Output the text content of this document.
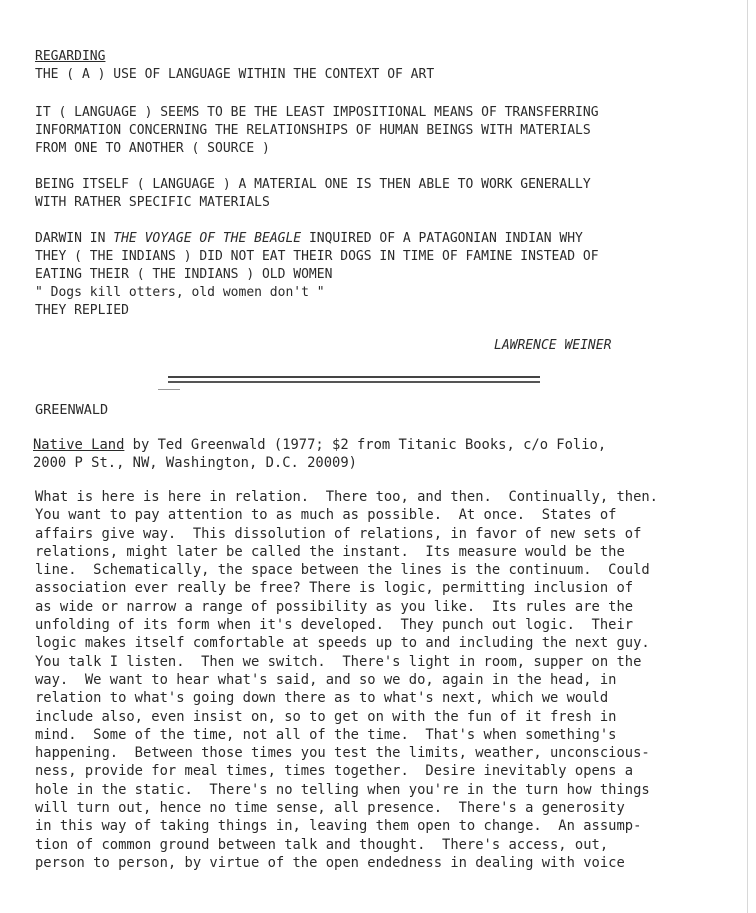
REGARDING
THE ( A ) USE OF LANGUAGE WITHIN THE CONTEXT OF ART
IT ( LANGUAGE ) SEEMS TO BE THE LEAST IMPOSITIONAL MEANS OF TRANSFERRING
INFORMATION CONCERNING THE RELATIONSHIPS OF HUMAN BEINGS WITH MATERIALS
FROM ONE TO ANOTHER ( SOURCE )
BEING ITSELF ( LANGUAGE ) A MATERIAL ONE IS THEN ABLE TO WORK GENERALLY
WITH RATHER SPECIFIC MATERIALS
DARWIN IN THE VOYAGE OF THE BEAGLE INQUIRED OF A PATAGONIAN INDIAN WHY
THEY ( THE INDIANS ) DID NOT EAT THEIR DOGS IN TIME OF FAMINE INSTEAD OF
EATING THEIR ( THE INDIANS ) OLD WOMEN
" Dogs kill otters, old women don't "
THEY REPLIED
LAWRENCE WEINER
GREENWALD
Native Land by Ted Greenwald (1977; $2 from Titanic Books, c/o Folio,
2000 P St., NW, Washington, D.C. 20009)
What is here is here in relation.  There too, and then.  Continually, then.
You want to pay attention to as much as possible.  At once.  States of
affairs give way.  This dissolution of relations, in favor of new sets of
relations, might later be called the instant.  Its measure would be the
line.  Schematically, the space between the lines is the continuum.  Could
association ever really be free? There is logic, permitting inclusion of
as wide or narrow a range of possibility as you like.  Its rules are the
unfolding of its form when it's developed.  They punch out logic.  Their
logic makes itself comfortable at speeds up to and including the next guy.
You talk I listen.  Then we switch.  There's light in room, supper on the
way.  We want to hear what's said, and so we do, again in the head, in
relation to what's going down there as to what's next, which we would
include also, even insist on, so to get on with the fun of it fresh in
mind.  Some of the time, not all of the time.  That's when something's
happening.  Between those times you test the limits, weather, unconscious-
ness, provide for meal times, times together.  Desire inevitably opens a
hole in the static.  There's no telling when you're in the turn how things
will turn out, hence no time sense, all presence.  There's a generosity
in this way of taking things in, leaving them open to change.  An assump-
tion of common ground between talk and thought.  There's access, out,
person to person, by virtue of the open endedness in dealing with voice
